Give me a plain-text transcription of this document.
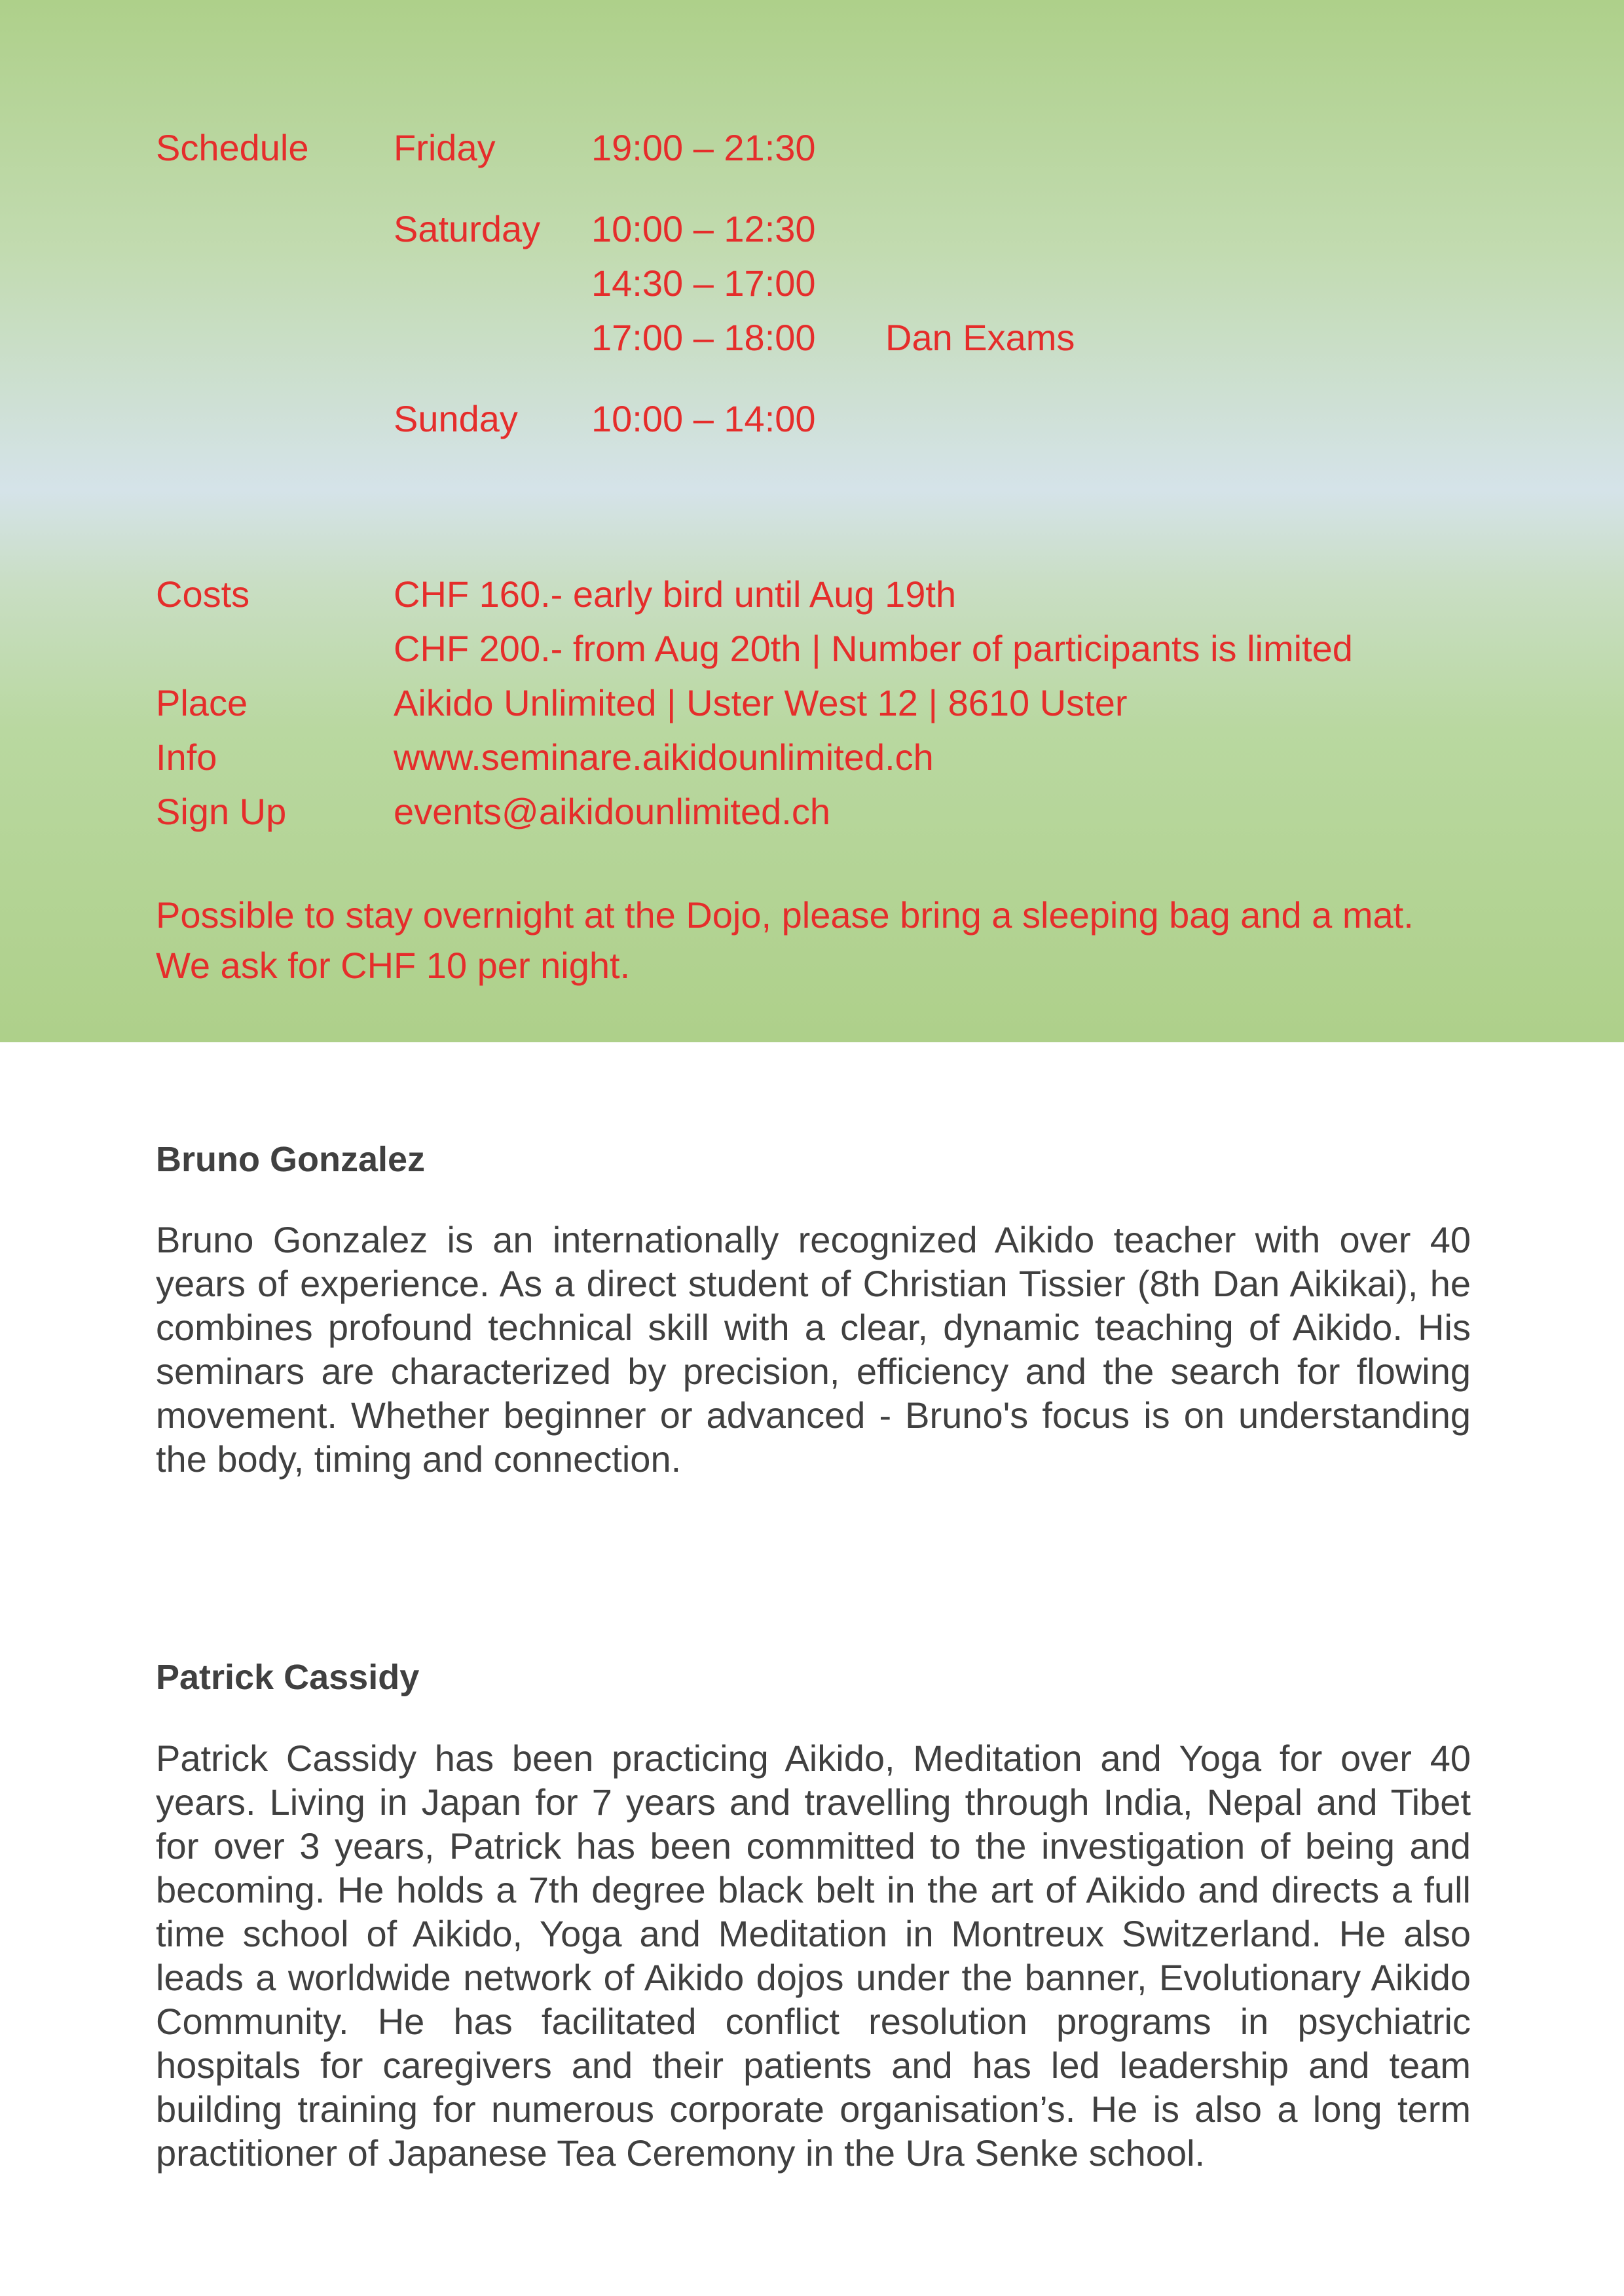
Schedule Friday	19:00 – 21:30
Saturday 10:00 – 12:30
14:30 – 17:00
17:00 – 18:00 Dan Exams
Sunday 10:00 – 14:00
Costs	CHF 160.- early bird until Aug 19th
CHF 200.- from Aug 20th | Number of participants is limited
Place	Aikido Unlimited | Uster West 12 | 8610 Uster
Info	www.seminare.aikidounlimited.ch
Sign Up	events@aikidounlimited.ch
Possible to stay overnight at the Dojo, please bring a sleeping bag and a mat.
We ask for CHF 10 per night.
Bruno Gonzalez
Bruno Gonzalez is an internationally recognized Aikido teacher with over 40 years of experience. As a direct student of Christian Tissier (8th Dan Aikikai), he combines profound technical skill with a clear, dynamic teaching of Aikido. His seminars are characterized by precision, efficiency and the search for flowing movement. Whether beginner or advanced - Bruno's focus is on understanding the body, timing and connection.
Patrick Cassidy
Patrick Cassidy has been practicing Aikido, Meditation and Yoga for over 40 years. Living in Japan for 7 years and travelling through India, Nepal and Tibet for over 3 years, Patrick has been committed to the investigation of being and becoming. He holds a 7th degree black belt in the art of Aikido and directs a full time school of Aikido, Yoga and Meditation in Montreux Switzerland. He also leads a worldwide network of Aikido dojos under the banner, Evolutionary Aikido Community. He has facilitated conflict resolution programs in psychiatric hospitals for caregivers and their patients and has led leadership and team building training for numerous corporate organisation’s. He is also a long term practitioner of Japanese Tea Ceremony in the Ura Senke school.
